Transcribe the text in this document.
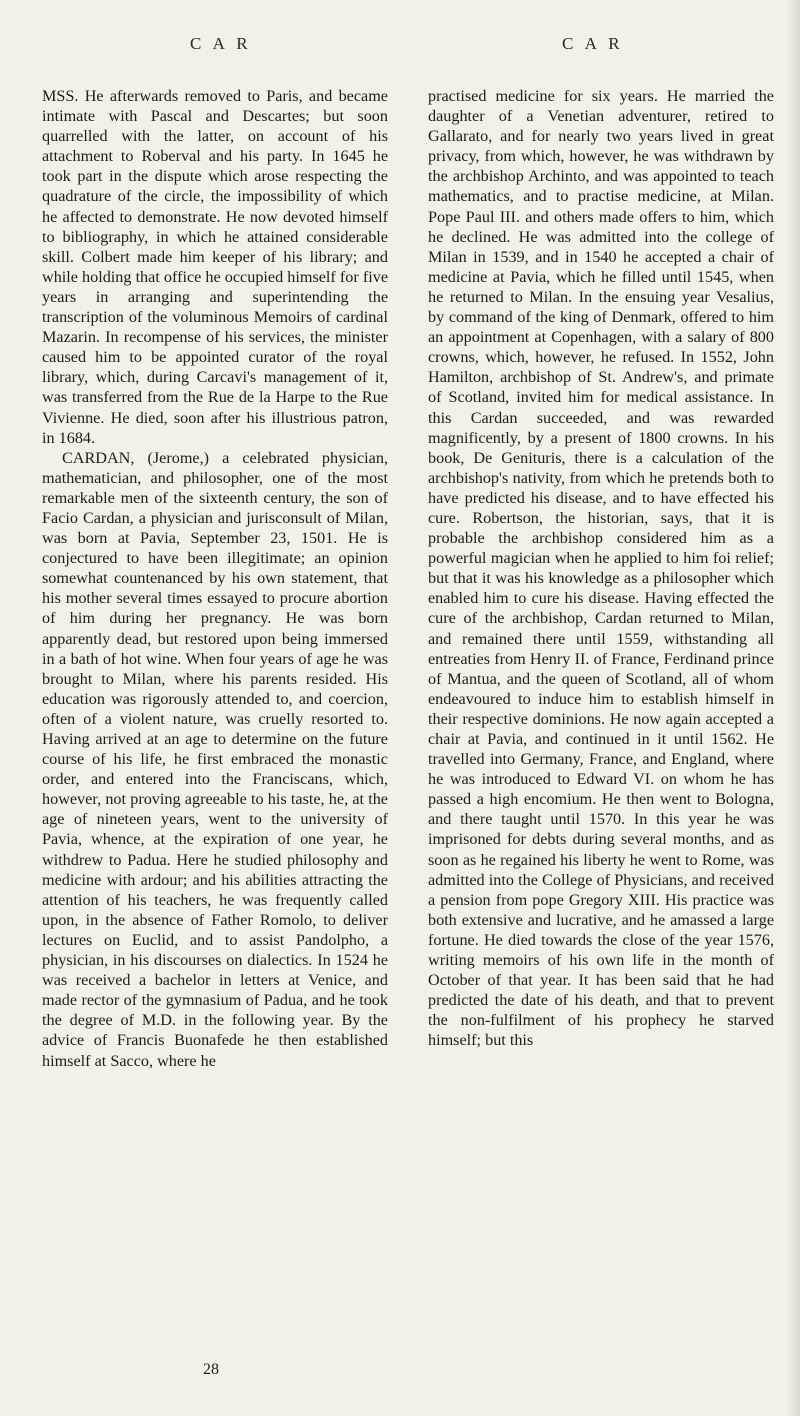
C A R	C A R

MSS. He afterwards removed to Paris, and became intimate with Pascal and Descartes; but soon quarrelled with the latter, on account of his attachment to Roberval and his party. In 1645 he took part in the dispute which arose respecting the quadrature of the circle, the impossibility of which he affected to demonstrate. He now devoted himself to bibliography, in which he attained considerable skill. Colbert made him keeper of his library; and while holding that office he occupied himself for five years in arranging and superintending the transcription of the voluminous Memoirs of cardinal Mazarin. In recompense of his services, the minister caused him to be appointed curator of the royal library, which, during Carcavi's management of it, was transferred from the Rue de la Harpe to the Rue Vivienne. He died, soon after his illustrious patron, in 1684.

CARDAN, (Jerome,) a celebrated physician, mathematician, and philosopher, one of the most remarkable men of the sixteenth century, the son of Facio Cardan, a physician and jurisconsult of Milan, was born at Pavia, September 23, 1501. He is conjectured to have been illegitimate; an opinion somewhat countenanced by his own statement, that his mother several times essayed to procure abortion of him during her pregnancy. He was born apparently dead, but restored upon being immersed in a bath of hot wine. When four years of age he was brought to Milan, where his parents resided. His education was rigorously attended to, and coercion, often of a violent nature, was cruelly resorted to. Having arrived at an age to determine on the future course of his life, he first embraced the monastic order, and entered into the Franciscans, which, however, not proving agreeable to his taste, he, at the age of nineteen years, went to the university of Pavia, whence, at the expiration of one year, he withdrew to Padua. Here he studied philosophy and medicine with ardour; and his abilities attracting the attention of his teachers, he was frequently called upon, in the absence of Father Romolo, to deliver lectures on Euclid, and to assist Pandolpho, a physician, in his discourses on dialectics. In 1524 he was received a bachelor in letters at Venice, and made rector of the gymnasium of Padua, and he took the degree of M.D. in the following year. By the advice of Francis Buonafede he then established himself at Sacco, where he

practised medicine for six years. He married the daughter of a Venetian adventurer, retired to Gallarato, and for nearly two years lived in great privacy, from which, however, he was withdrawn by the archbishop Archinto, and was appointed to teach mathematics, and to practise medicine, at Milan. Pope Paul III. and others made offers to him, which he declined. He was admitted into the college of Milan in 1539, and in 1540 he accepted a chair of medicine at Pavia, which he filled until 1545, when he returned to Milan. In the ensuing year Vesalius, by command of the king of Denmark, offered to him an appointment at Copenhagen, with a salary of 800 crowns, which, however, he refused. In 1552, John Hamilton, archbishop of St. Andrew's, and primate of Scotland, invited him for medical assistance. In this Cardan succeeded, and was rewarded magnificently, by a present of 1800 crowns. In his book, De Genituris, there is a calculation of the archbishop's nativity, from which he pretends both to have predicted his disease, and to have effected his cure. Robertson, the historian, says, that it is probable the archbishop considered him as a powerful magician when he applied to him foi relief; but that it was his knowledge as a philosopher which enabled him to cure his disease. Having effected the cure of the archbishop, Cardan returned to Milan, and remained there until 1559, withstanding all entreaties from Henry II. of France, Ferdinand prince of Mantua, and the queen of Scotland, all of whom endeavoured to induce him to establish himself in their respective dominions. He now again accepted a chair at Pavia, and continued in it until 1562. He travelled into Germany, France, and England, where he was introduced to Edward VI. on whom he has passed a high encomium. He then went to Bologna, and there taught until 1570. In this year he was imprisoned for debts during several months, and as soon as he regained his liberty he went to Rome, was admitted into the College of Physicians, and received a pension from pope Gregory XIII. His practice was both extensive and lucrative, and he amassed a large fortune. He died towards the close of the year 1576, writing memoirs of his own life in the month of October of that year. It has been said that he had predicted the date of his death, and that to prevent the non-fulfilment of his prophecy he starved himself; but this

28
